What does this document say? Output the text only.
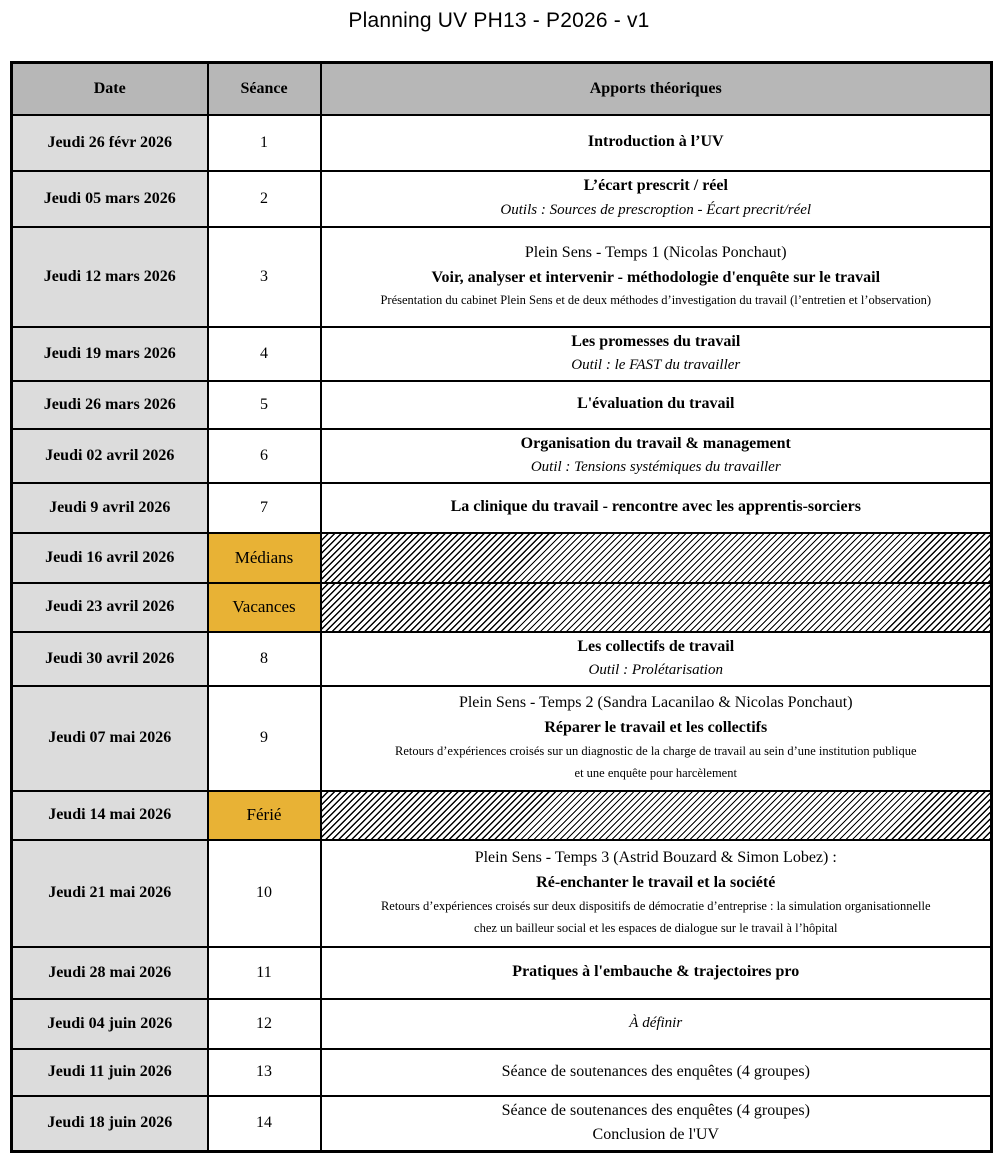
Planning UV PH13 - P2026 - v1
Date	Séance	Apports théoriques
Jeudi 26 févr 2026	1	Introduction à l’UV

Jeudi 05 mars 2026	2	L’écart prescrit / réel
Outils : Sources de prescroption - Écart precrit/réel

Jeudi 12 mars 2026	3	Plein Sens - Temps 1 (Nicolas Ponchaut)
Voir, analyser et intervenir - méthodologie d'enquête sur le travail
Présentation du cabinet Plein Sens et de deux méthodes d’investigation du travail (l’entretien et l’observation)

Jeudi 19 mars 2026	4	Les promesses du travail
Outil : le FAST du travailler

Jeudi 26 mars 2026	5	L'évaluation du travail

Jeudi 02 avril 2026	6	Organisation du travail & management
Outil : Tensions systémiques du travailler

Jeudi 9 avril 2026	7	La clinique du travail - rencontre avec les apprentis-sorciers

Jeudi 16 avril 2026	Médians	
Jeudi 23 avril 2026	Vacances	
Jeudi 30 avril 2026	8	Les collectifs de travail
Outil : Prolétarisation

Jeudi 07 mai 2026	9	Plein Sens - Temps 2 (Sandra Lacanilao & Nicolas Ponchaut)
Réparer le travail et les collectifs
Retours d’expériences croisés sur un diagnostic de la charge de travail au sein d’une institution publique
et une enquête pour harcèlement

Jeudi 14 mai 2026	Férié	
Jeudi 21 mai 2026	10	Plein Sens - Temps 3 (Astrid Bouzard & Simon Lobez) :
Ré-enchanter le travail et la société
Retours d’expériences croisés sur deux dispositifs de démocratie d’entreprise : la simulation organisationnelle
chez un bailleur social et les espaces de dialogue sur le travail à l’hôpital

Jeudi 28 mai 2026	11	Pratiques à l'embauche & trajectoires pro

Jeudi 04 juin 2026	12	À définir

Jeudi 11 juin 2026	13	Séance de soutenances des enquêtes (4 groupes)

Jeudi 18 juin 2026	14	Séance de soutenances des enquêtes (4 groupes)
Conclusion de l'UV
